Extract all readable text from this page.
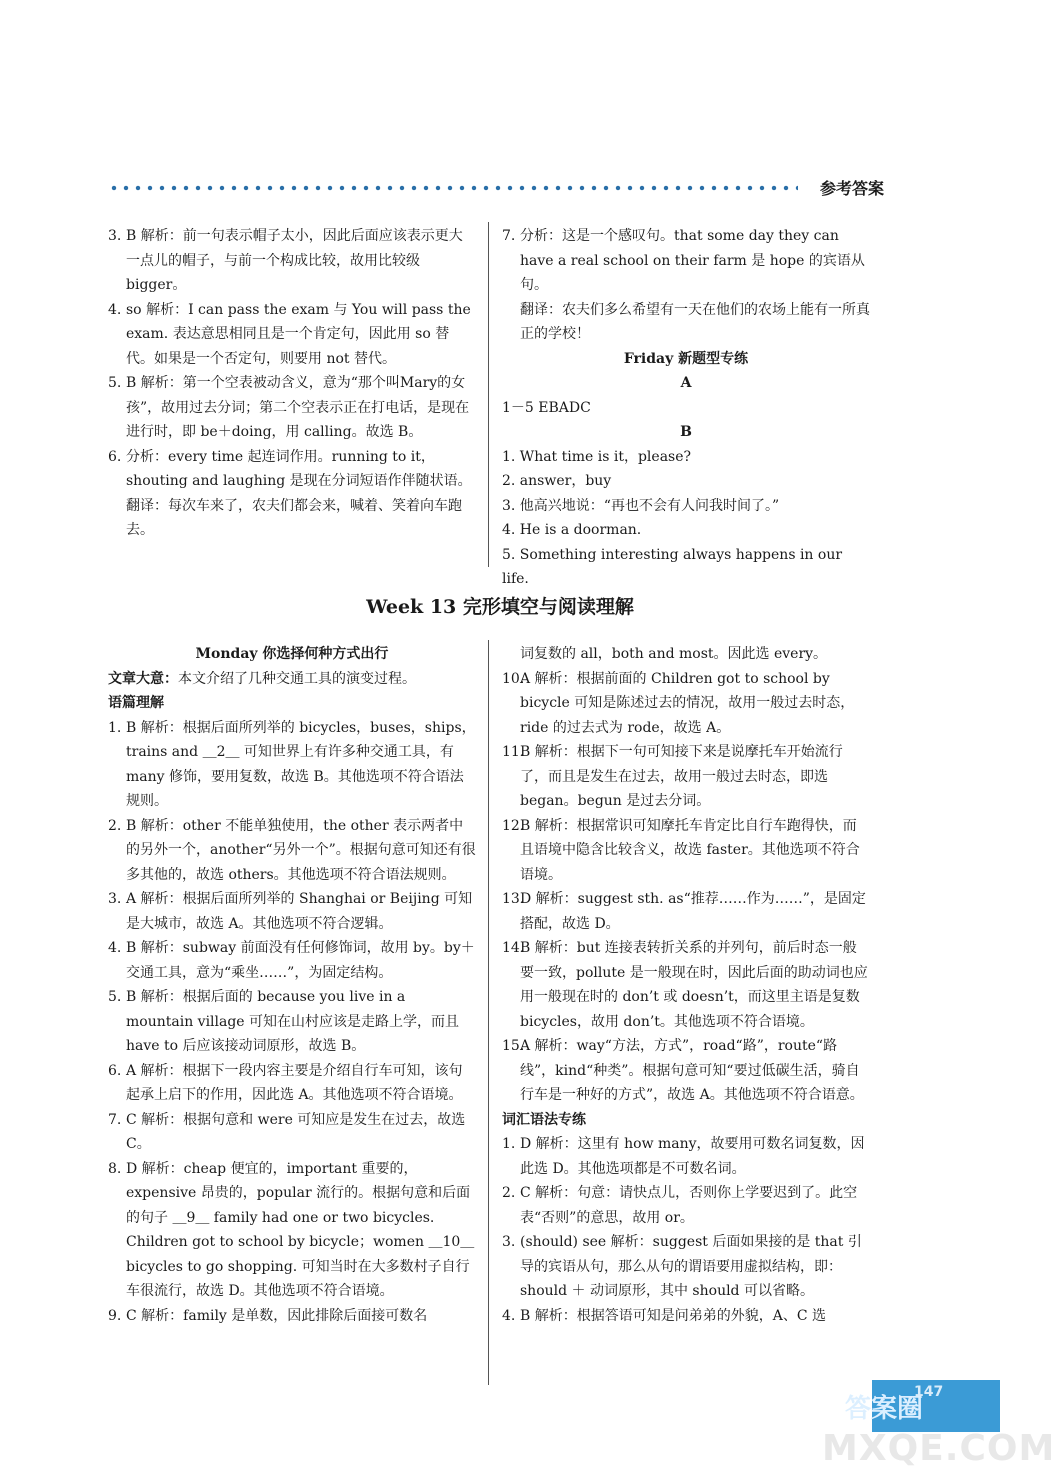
参考答案

3. B 解析：前一句表示帽子太小，因此后面应该表示更大一点儿的帽子，与前一个构成比较，故用比较级 bigger。

4. so 解析：I can pass the exam 与 You will pass the exam. 表达意思相同且是一个肯定句，因此用 so 替代。如果是一个否定句，则要用 not 替代。

5. B 解析：第一个空表被动含义，意为“那个叫Mary的女孩”，故用过去分词；第二个空表示正在打电话，是现在进行时，即 be＋doing，用 calling。故选 B。

6. 分析：every time 起连词作用。running to it，shouting and laughing 是现在分词短语作伴随状语。

翻译：每次车来了，农夫们都会来，喊着、笑着向车跑去。

7. 分析：这是一个感叹句。that some day they can have a real school on their farm 是 hope 的宾语从句。

翻译：农夫们多么希望有一天在他们的农场上能有一所真正的学校！

Friday 新题型专练

A

1－5 EBADC

B

1. What time is it，please?

2. answer，buy

3. 他高兴地说：“再也不会有人问我时间了。”

4. He is a doorman.

5. Something interesting always happens in our life.

Week 13 完形填空与阅读理解

Monday 你选择何种方式出行

文章大意：本文介绍了几种交通工具的演变过程。

语篇理解

1. B 解析：根据后面所列举的 bicycles，buses，ships，trains and ＿2＿ 可知世界上有许多种交通工具，有 many 修饰，要用复数，故选 B。其他选项不符合语法规则。

2. B 解析：other 不能单独使用，the other 表示两者中的另外一个，another“另外一个”。根据句意可知还有很多其他的，故选 others。其他选项不符合语法规则。

3. A 解析：根据后面所列举的 Shanghai or Beijing 可知是大城市，故选 A。其他选项不符合逻辑。

4. B 解析：subway 前面没有任何修饰词，故用 by。by＋交通工具，意为“乘坐……”，为固定结构。

5. B 解析：根据后面的 because you live in a mountain village 可知在山村应该是走路上学，而且 have to 后应该接动词原形，故选 B。

6. A 解析：根据下一段内容主要是介绍自行车可知，该句起承上启下的作用，因此选 A。其他选项不符合语境。

7. C 解析：根据句意和 were 可知应是发生在过去，故选 C。

8. D 解析：cheap 便宜的，important 重要的，expensive 昂贵的，popular 流行的。根据句意和后面的句子 ＿9＿ family had one or two bicycles. Children got to school by bicycle；women ＿10＿ bicycles to go shopping. 可知当时在大多数村子自行车很流行，故选 D。其他选项不符合语境。

9. C 解析：family 是单数，因此排除后面接可数名

词复数的 all，both and most。因此选 every。

10.A 解析：根据前面的 Children got to school by bicycle 可知是陈述过去的情况，故用一般过去时态，ride 的过去式为 rode，故选 A。

11.B 解析：根据下一句可知接下来是说摩托车开始流行了，而且是发生在过去，故用一般过去时态，即选 began。begun 是过去分词。

12.B 解析：根据常识可知摩托车肯定比自行车跑得快，而且语境中隐含比较含义，故选 faster。其他选项不符合语境。

13.D 解析：suggest sth. as“推荐……作为……”，是固定搭配，故选 D。

14.B 解析：but 连接表转折关系的并列句，前后时态一般要一致，pollute 是一般现在时，因此后面的助动词也应用一般现在时的 don’t 或 doesn’t，而这里主语是复数 bicycles，故用 don’t。其他选项不符合语境。

15.A 解析：way“方法，方式”，road“路”，route“路线”，kind“种类”。根据句意可知“要过低碳生活，骑自行车是一种好的方式”，故选 A。其他选项不符合语意。

词汇语法专练

1. D 解析：这里有 how many，故要用可数名词复数，因此选 D。其他选项都是不可数名词。

2. C 解析：句意：请快点儿，否则你上学要迟到了。此空表“否则”的意思，故用 or。

3. (should) see 解析：suggest 后面如果接的是 that 引导的宾语从句，那么从句的谓语要用虚拟结构，即：should ＋ 动词原形，其中 should 可以省略。

4. B 解析：根据答语可知是问弟弟的外貌，A、C 选

答案圈
MXQE.COM
147
